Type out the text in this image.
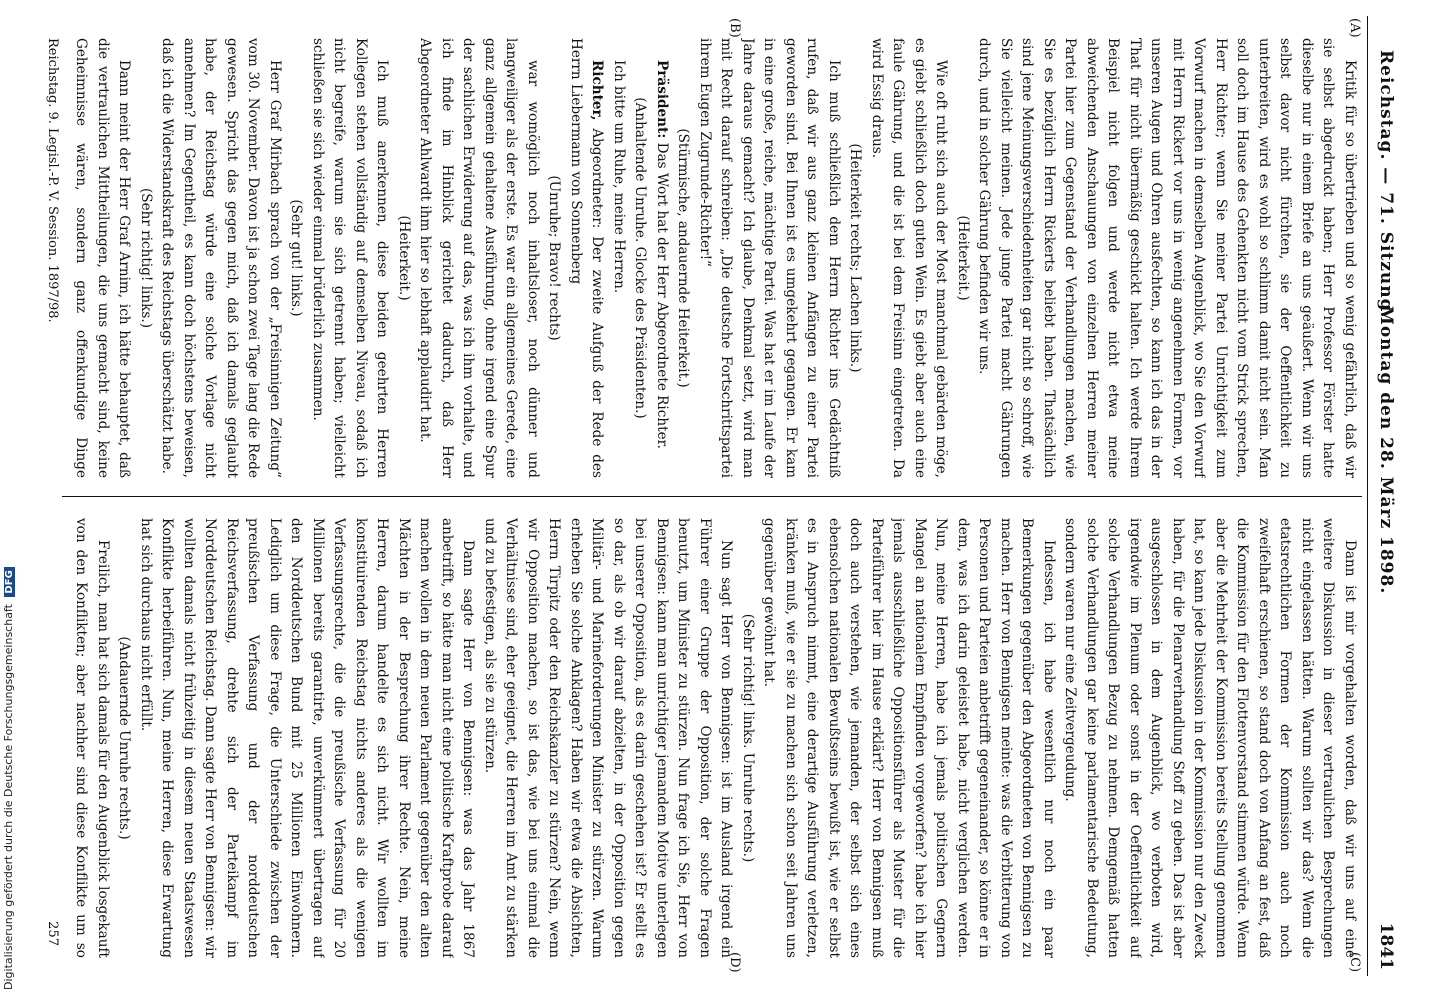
Reichstag. — 71. Sitzung.
Montag den 28. März 1898.
1841
(A)
(B)
(C)
(D)

Kritik für so übertrieben und so wenig gefährlich, daß wir sie selbst abgedruckt haben; Herr Professor Förster hatte dieselbe nur in einem Briefe an uns geäußert. Wenn wir uns selbst davor nicht fürchten, sie der Oeffentlichkeit zu unterbreiten, wird es wohl so schlimm damit nicht sein. Man soll doch im Hause des Gehenkten nicht vom Strick sprechen, Herr Richter; wenn Sie meiner Partei Unrichtigkeit zum Vorwurf machen in demselben Augenblick, wo Sie den Vorwurf mit Herrn Rickert vor uns in wenig angenehmen Formen, vor unseren Augen und Ohren ausfechten, so kann ich das in der That für nicht übermäßig geschickt halten. Ich werde Ihrem Beispiel nicht folgen und werde nicht etwa meine abweichenden Anschauungen von einzelnen Herren meiner Partei hier zum Gegenstand der Verhandlungen machen, wie Sie es bezüglich Herrn Rickerts beliebt haben. Thatsächlich sind jene Meinungsverschiedenheiten gar nicht so schroff, wie Sie vielleicht meinen. Jede junge Partei macht Gährungen durch, und in solcher Gährung befinden wir uns.

(Heiterkeit.)

Wie oft ruht sich auch der Most manchmal gebärden möge, es giebt schließlich doch guten Wein. Es giebt aber auch eine faule Gährung, und die ist bei dem Freisinn eingetreten. Da wird Essig draus.

(Heiterkeit rechts; Lachen links.)

Ich muß schließlich dem Herrn Richter ins Gedächtniß rufen, daß wir aus ganz kleinen Anfängen zu einer Partei geworden sind. Bei Ihnen ist es umgekehrt gegangen. Er kam in eine große, reiche, mächtige Partei. Was hat er im Laufe der Jahre daraus gemacht? Ich glaube, Denkmal setzt, wird man mit Recht darauf schreiben: „Die deutsche Fortschrittspartei ihrem Eugen Zugrunde-Richter!“

(Stürmische, andauernde Heiterkeit.)

Präsident: Das Wort hat der Herr Abgeordnete Richter.

(Anhaltende Unruhe. Glocke des Präsidenten.)

Ich bitte um Ruhe, meine Herren.

Richter, Abgeordneter: Der zweite Aufguß der Rede des Herrn Liebermann von Sonnenberg

(Unruhe; Bravo! rechts)

war womöglich noch inhaltsloser, noch dünner und langweiliger als der erste. Es war ein allgemeines Gerede, eine ganz allgemein gehaltene Ausführung, ohne irgend eine Spur der sachlichen Erwiderung auf das, was ich ihm vorhalte, und ich finde im Hinblick gerichtet dadurch, daß Herr Abgeordneter Ahlwardt ihm hier so lebhaft applaudirt hat.

(Heiterkeit.)

Ich muß anerkennen, diese beiden geehrten Herren Kollegen stehen vollständig auf demselben Niveau, sodaß ich nicht begreife, warum sie sich getrennt haben; vielleicht schließen sie sich wieder einmal brüderlich zusammen.

(Sehr gut! links.)

Herr Graf Mirbach sprach von der „Freisinnigen Zeitung“ vom 30. November. Davon ist ja schon zwei Tage lang die Rede gewesen. Spricht das gegen mich, daß ich damals geglaubt habe, der Reichstag würde eine solche Vorlage nicht annehmen? Im Gegentheil, es kann doch höchstens beweisen, daß ich die Widerstandskraft des Reichstags überschätzt habe.

(Sehr richtig! links.)

Dann meint der Herr Graf Arnim, ich hätte behauptet, daß die vertraulichen Mittheilungen, die uns gemacht sind, keine Geheimnisse wären, sondern ganz offenkundige Dinge

Dann ist mir vorgehalten worden, daß wir uns auf eine weitere Diskussion in dieser vertraulichen Besprechungen nicht eingelassen hätten. Warum sollten wir das? Wenn die etatsrechtlichen Formen der Kommission auch noch zweifelhaft erschienen, so stand doch von Anfang an fest, daß die Kommission für den Flottenvorstand stimmen würde. Wenn aber die Mehrheit der Kommission bereits Stellung genommen hat, so kann jede Diskussion in der Kommission nur den Zweck haben, für die Plenarverhandlung Stoff zu geben. Das ist aber ausgeschlossen in dem Augenblick, wo verboten wird, irgendwie im Plenum oder sonst in der Oeffentlichkeit auf solche Verhandlungen Bezug zu nehmen. Demgemäß hatten solche Verhandlungen gar keine parlamentarische Bedeutung, sondern waren nur eine Zeitvergeudung.

Indessen, ich habe wesentlich nur noch ein paar Bemerkungen gegenüber den Abgeordneten von Bennigsen zu machen. Herr von Bennigsen meinte: was die Verbitterung von Personen und Parteien anbetrifft gegeneinander, so könne er in dem, was ich darin geleistet habe, nicht verglichen werden. Nun, meine Herren, habe ich jemals politischen Gegnern Mangel an nationalem Empfinden vorgeworfen? habe ich hier jemals ausschließliche Oppositionsführer als Muster für die Parteiführer hier im Hause erklärt? Herr von Bennigsen muß doch auch verstehen, wie jemanden, der selbst sich eines ebensolchen nationalen Bewußtseins bewußt ist, wie er selbst es in Anspruch nimmt, eine derartige Ausführung verletzen, kränken muß, wie er sie zu machen sich schon seit Jahren uns gegenüber gewöhnt hat.

(Sehr richtig! links. Unruhe rechts.)

Nun sagt Herr von Bennigsen: ist im Ausland irgend ein Führer einer Gruppe der Opposition, der solche Fragen benutzt, um Minister zu stürzen. Nun frage ich Sie, Herr von Bennigsen: kann man unrichtiger jemandem Motive unterlegen bei unserer Opposition, als es darin geschehen ist? Er stellt es so dar, als ob wir darauf abzielten, in der Opposition gegen Militär- und Marineforderungen Minister zu stürzen. Warum erheben Sie solche Anklagen? Haben wir etwa die Absichten, Herrn Tirpitz oder den Reichskanzler zu stürzen? Nein, wenn wir Opposition machen, so ist das, wie bei uns einmal die Verhältnisse sind, eher geeignet, die Herren im Amt zu stärken und zu befestigen, als sie zu stürzen.

Dann sagte Herr von Bennigsen: was das Jahr 1867 anbetrifft, so hätte man nicht eine politische Kraftprobe darauf machen wollen in dem neuen Parlament gegenüber den alten Mächten in der Besprechung ihrer Rechte. Nein, meine Herren, darum handelte es sich nicht. Wir wollten im konstituirenden Reichstag nichts anderes als die wenigen Verfassungsrechte, die die preußische Verfassung für 20 Millionen bereits garantirte, unverkümmert übertragen auf den Norddeutschen Bund mit 25 Millionen Einwohnern. Lediglich um diese Frage, die Unterschiede zwischen der preußischen Verfassung und der norddeutschen Reichsverfassung, drehte sich der Parteikampf im Norddeutschen Reichstag. Dann sagte Herr von Bennigsen: wir wollten damals nicht frühzeitig in diesem neuen Staatswesen Konflikte herbeiführen. Nun, meine Herren, diese Erwartung hat sich durchaus nicht erfüllt.

(Andauernde Unruhe rechts.)

Freilich, man hat sich damals für den Augenblick losgekauft von den Konflikten; aber nachher sind diese Konflikte um so

Reichstag. 9. Legisl.-P. V. Session. 1897/98.
257
Digitalisierung gefördert durch die Deutsche Forschungsgemeinschaft DFG
